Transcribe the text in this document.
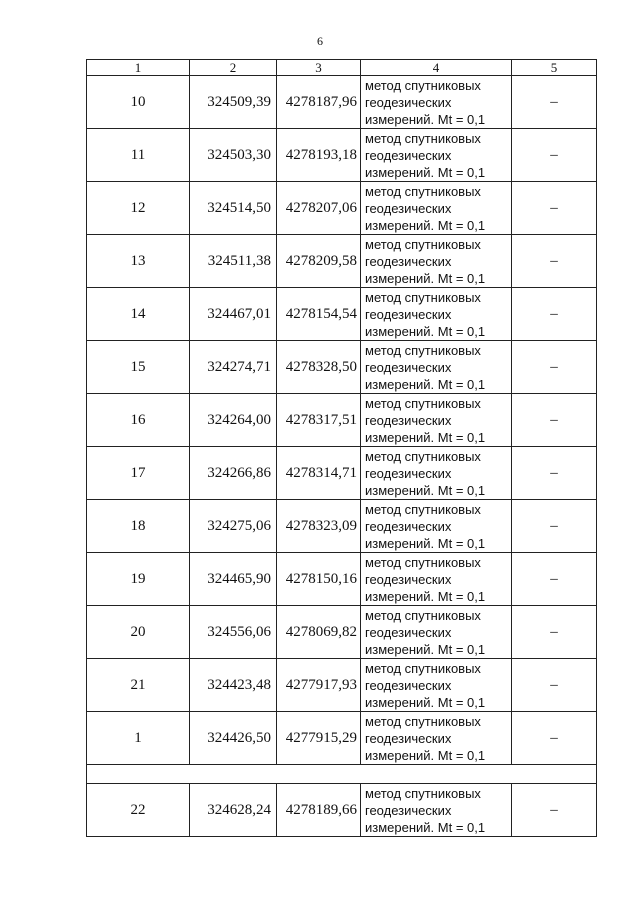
6
1	2	3	4	5
10	324509,39	4278187,96	метод спутниковых
геодезических
измерений. Mt = 0,1	–
11	324503,30	4278193,18	метод спутниковых
геодезических
измерений. Mt = 0,1	–
12	324514,50	4278207,06	метод спутниковых
геодезических
измерений. Mt = 0,1	–
13	324511,38	4278209,58	метод спутниковых
геодезических
измерений. Mt = 0,1	–
14	324467,01	4278154,54	метод спутниковых
геодезических
измерений. Mt = 0,1	–
15	324274,71	4278328,50	метод спутниковых
геодезических
измерений. Mt = 0,1	–
16	324264,00	4278317,51	метод спутниковых
геодезических
измерений. Mt = 0,1	–
17	324266,86	4278314,71	метод спутниковых
геодезических
измерений. Mt = 0,1	–
18	324275,06	4278323,09	метод спутниковых
геодезических
измерений. Mt = 0,1	–
19	324465,90	4278150,16	метод спутниковых
геодезических
измерений. Mt = 0,1	–
20	324556,06	4278069,82	метод спутниковых
геодезических
измерений. Mt = 0,1	–
21	324423,48	4277917,93	метод спутниковых
геодезических
измерений. Mt = 0,1	–
1	324426,50	4277915,29	метод спутниковых
геодезических
измерений. Mt = 0,1	–

22	324628,24	4278189,66	метод спутниковых
геодезических
измерений. Mt = 0,1	–
